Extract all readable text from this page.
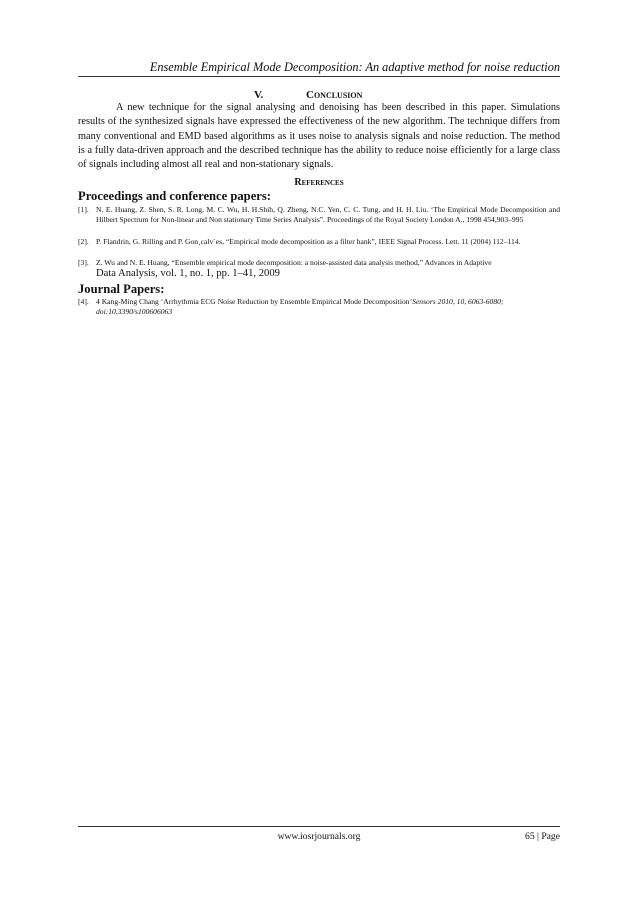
Ensemble Empirical Mode Decomposition: An adaptive method for noise reduction
V.	Conclusion

A new technique for the signal analysing and denoising has been described in this paper. Simulations results of the synthesized signals have expressed the effectiveness of the new algorithm. The technique differs from many conventional and EMD based algorithms as it uses noise to analysis signals and noise reduction. The method is a fully data-driven approach and the described technique has the ability to reduce noise efficiently for a large class of signals including almost all real and non-stationary signals.

References
Proceedings and conference papers:
[1]. N. E. Huang, Z. Shen, S. R. Long, M. C. Wu, H. H.Shih, Q. Zheng, N.C. Yen, C. C. Tung, and H. H. Liu. ‘The Empirical Mode Decomposition and Hilbert Spectrum for Non-linear and Non stationary Time Series Analysis”. Proceedings of the Royal Society London A., 1998 454,903–995
[2]. P. Flandrin, G. Rilling and P. Gon¸calv`es, “Empirical mode decomposition as a filter bank”, IEEE Signal Process. Lett. 11 (2004) 112–114.
[3]. Z. Wu and N. E. Huang, “Ensemble empirical mode decomposition: a noise-assisted data analysis method,” Advances in Adaptive
Data Analysis, vol. 1, no. 1, pp. 1–41, 2009
Journal Papers:
[4]. 4 Kang-Ming Chang ‘Arrhythmia ECG Noise Reduction by Ensemble Empirical Mode Decomposition’Sensors 2010, 10, 6063-6080; doi:10.3390/s100606063
www.iosrjournals.org	65 | Page
